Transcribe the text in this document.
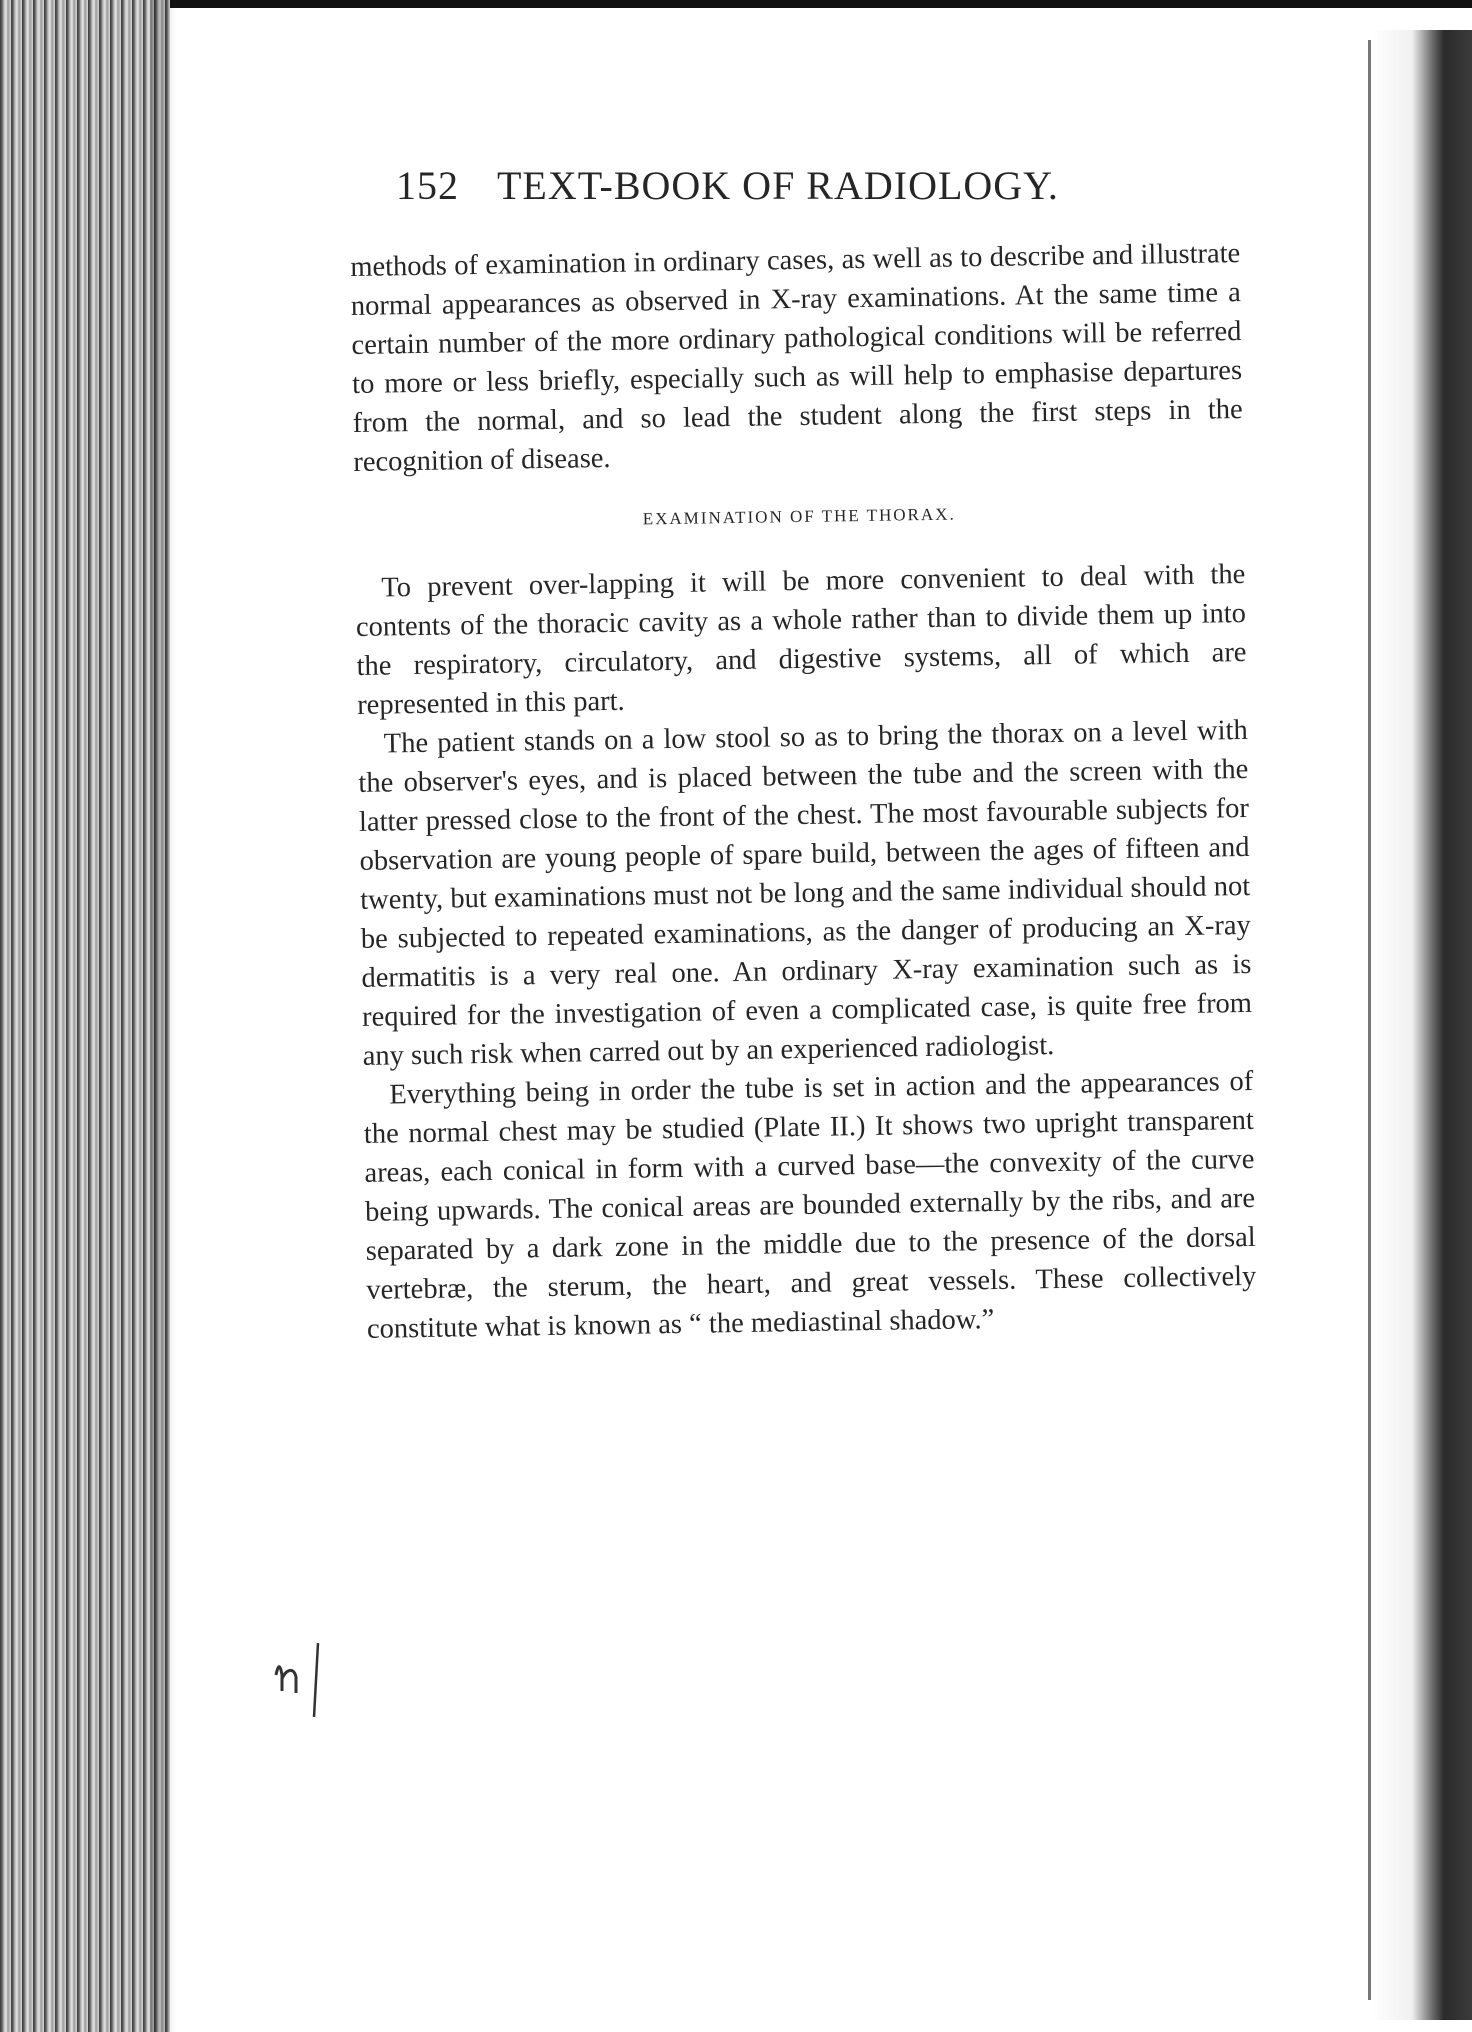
152 TEXT-BOOK OF RADIOLOGY.

methods of examination in ordinary cases, as well as to describe and illustrate normal appearances as observed in X-ray examinations. At the same time a certain number of the more ordinary pathological conditions will be referred to more or less briefly, especially such as will help to emphasise departures from the normal, and so lead the student along the first steps in the recognition of disease.

EXAMINATION OF THE THORAX.

To prevent over-lapping it will be more convenient to deal with the contents of the thoracic cavity as a whole rather than to divide them up into the respiratory, circulatory, and digestive systems, all of which are represented in this part.

The patient stands on a low stool so as to bring the thorax on a level with the observer's eyes, and is placed between the tube and the screen with the latter pressed close to the front of the chest. The most favourable subjects for observation are young people of spare build, between the ages of fifteen and twenty, but examinations must not be long and the same individual should not be subjected to repeated examinations, as the danger of producing an X-ray dermatitis is a very real one. An ordinary X-ray examination such as is required for the investigation of even a complicated case, is quite free from any such risk when carred out by an experienced radiologist.

Everything being in order the tube is set in action and the appearances of the normal chest may be studied (Plate II.) It shows two upright transparent areas, each conical in form with a curved base—the convexity of the curve being upwards. The conical areas are bounded externally by the ribs, and are separated by a dark zone in the middle due to the presence of the dorsal vertebræ, the sterum, the heart, and great vessels. These collectively constitute what is known as “ the mediastinal shadow.”
